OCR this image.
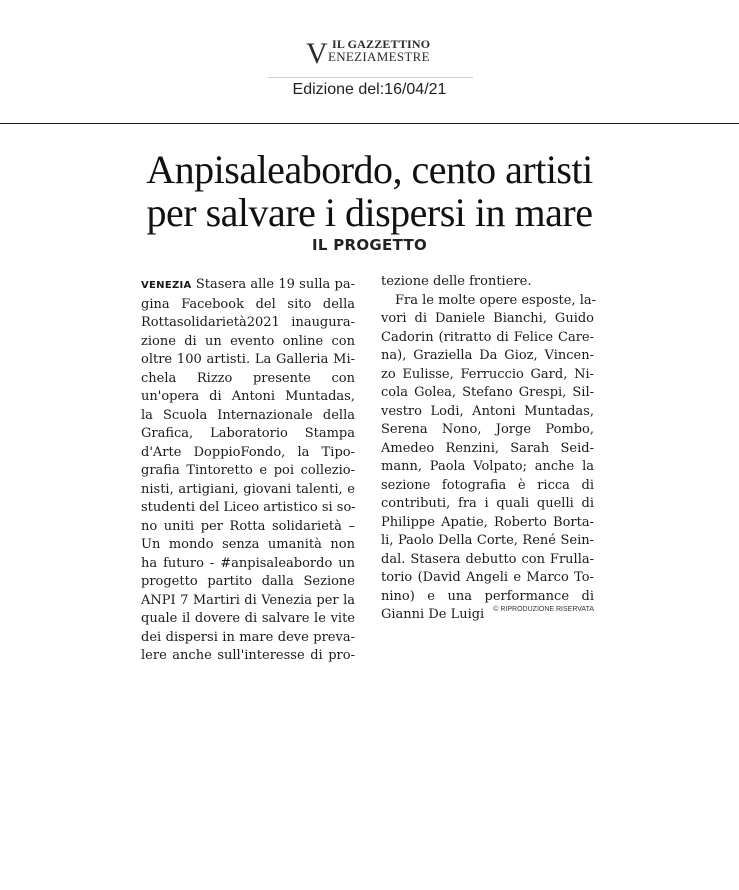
V IL GAZZETTINO
ENEZIAMESTRE
Edizione del:16/04/21
Anpisaleabordo, cento artisti
per salvare i dispersi in mare
IL PROGETTO
VENEZIA Stasera alle 19 sulla pa-
gina Facebook del sito della
Rottasolidarietà2021 inaugura-
zione di un evento online con
oltre 100 artisti. La Galleria Mi-
chela Rizzo presente con
un'opera di Antoni Muntadas,
la Scuola Internazionale della
Grafica, Laboratorio Stampa
d'Arte DoppioFondo, la Tipo-
grafia Tintoretto e poi collezio-
nisti, artigiani, giovani talenti, e
studenti del Liceo artistico si so-
no uniti per Rotta solidarietà –
Un mondo senza umanità non
ha futuro - #anpisaleabordo un
progetto partito dalla Sezione
ANPI 7 Martiri di Venezia per la
quale il dovere di salvare le vite
dei dispersi in mare deve preva-
lere anche sull'interesse di pro-
tezione delle frontiere.
Fra le molte opere esposte, la-
vori di Daniele Bianchi, Guido
Cadorin (ritratto di Felice Care-
na), Graziella Da Gioz, Vincen-
zo Eulisse, Ferruccio Gard, Ni-
cola Golea, Stefano Grespi, Sil-
vestro Lodi, Antoni Muntadas,
Serena Nono, Jorge Pombo,
Amedeo Renzini, Sarah Seid-
mann, Paola Volpato; anche la
sezione fotografia è ricca di
contributi, fra i quali quelli di
Philippe Apatie, Roberto Borta-
li, Paolo Della Corte, René Sein-
dal. Stasera debutto con Frulla-
torio (David Angeli e Marco To-
nino) e una performance di
Gianni De Luigi	© RIPRODUZIONE RISERVATA
